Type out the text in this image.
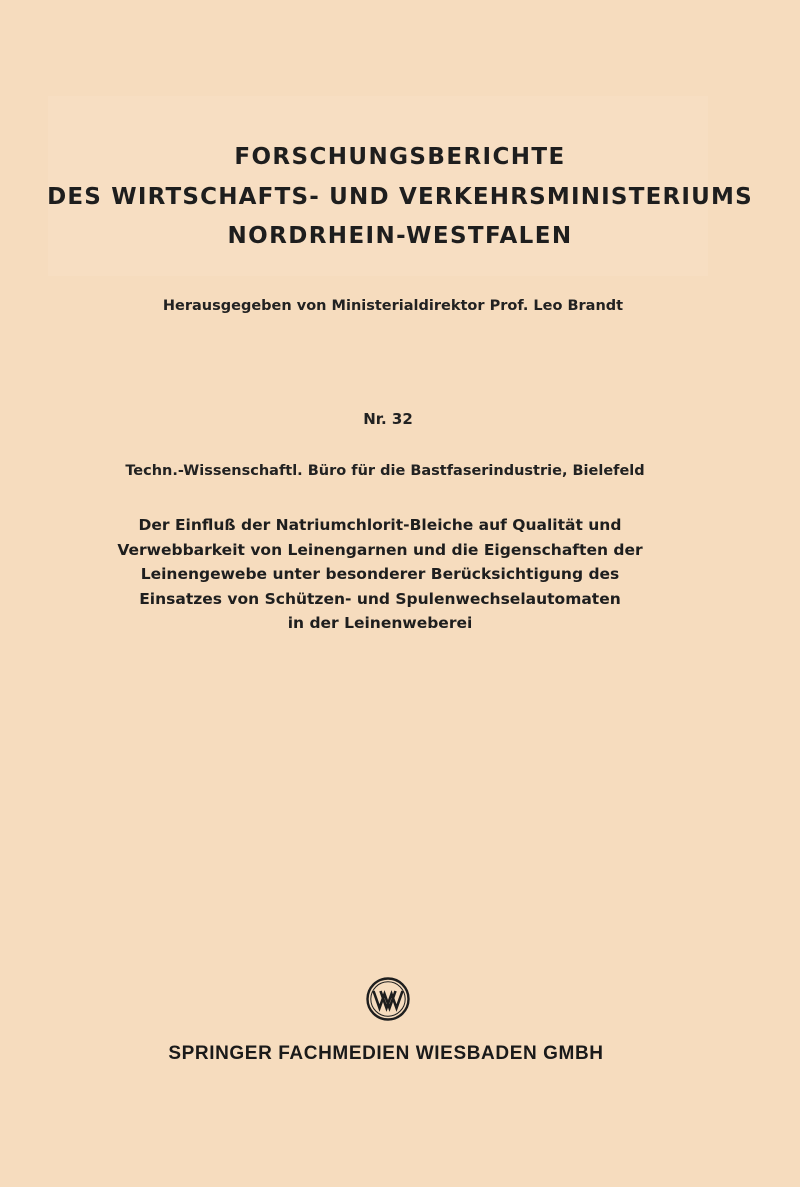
FORSCHUNGSBERICHTE
DES WIRTSCHAFTS- UND VERKEHRSMINISTERIUMS
NORDRHEIN-WESTFALEN
Herausgegeben von Ministerialdirektor Prof. Leo Brandt
Nr. 32
Techn.-Wissenschaftl. Büro für die Bastfaserindustrie, Bielefeld
Der Einfluß der Natriumchlorit-Bleiche auf Qualität und
Verwebbarkeit von Leinengarnen und die Eigenschaften der
Leinengewebe unter besonderer Berücksichtigung des
Einsatzes von Schützen- und Spulenwechselautomaten
in der Leinenweberei
SPRINGER FACHMEDIEN WIESBADEN GMBH
